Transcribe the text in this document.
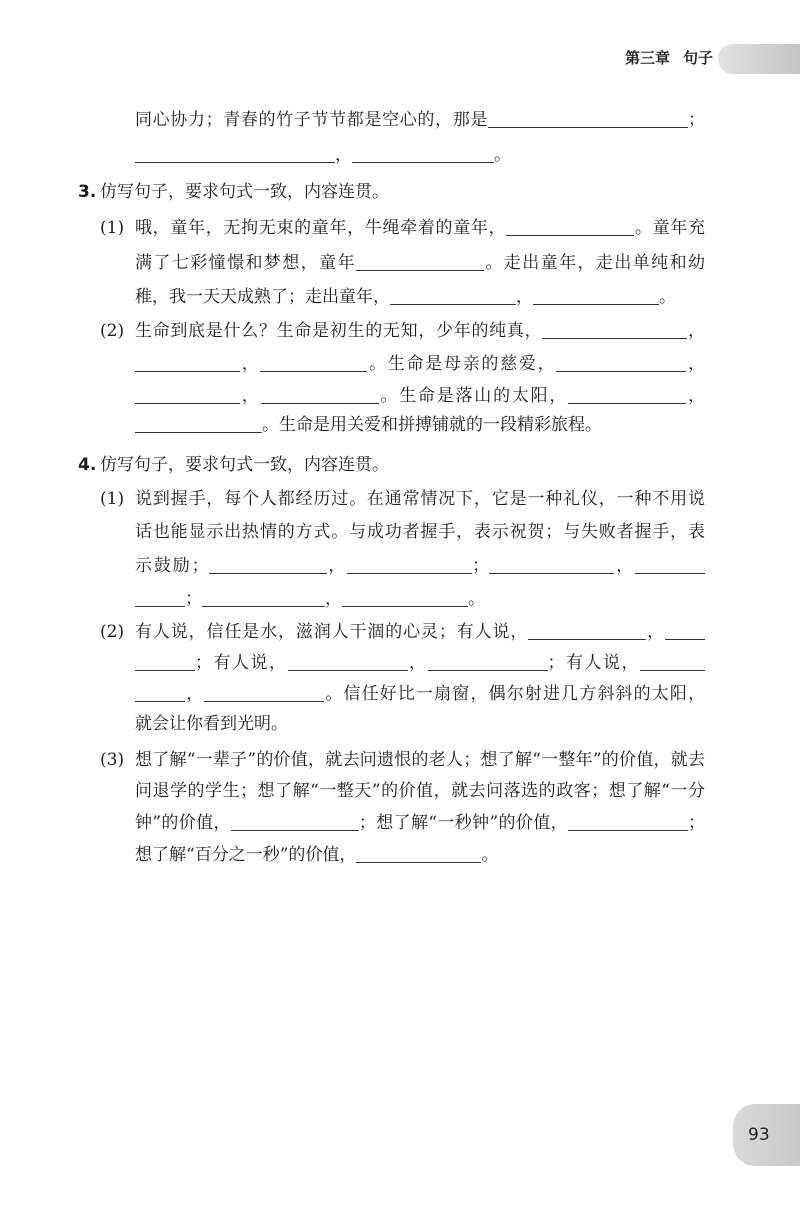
第三章 句子
同心协力；青春的竹子节节都是空心的，那是	；
，	。
3. 仿写句子，要求句式一致，内容连贯。
(1) 哦，童年，无拘无束的童年，牛绳牵着的童年，	。童年充
满了七彩憧憬和梦想，童年	。走出童年，走出单纯和幼
稚，我一天天成熟了；走出童年，	，	。
(2) 生命到底是什么？生命是初生的无知，少年的纯真，	，
，	。生命是母亲的慈爱，	，
，	。生命是落山的太阳，	，
。生命是用关爱和拼搏铺就的一段精彩旅程。
4. 仿写句子，要求句式一致，内容连贯。
(1) 说到握手，每个人都经历过。在通常情况下，它是一种礼仪，一种不用说
话也能显示出热情的方式。与成功者握手，表示祝贺；与失败者握手，表
示鼓励；	，	；	，
；	，	。
(2) 有人说，信任是水，滋润人干涸的心灵；有人说，	，
；有人说，	，	；有人说，
，	。信任好比一扇窗，偶尔射进几方斜斜的太阳，
就会让你看到光明。
(3) 想了解“一辈子”的价值，就去问遗恨的老人；想了解“一整年”的价值，就去
问退学的学生；想了解“一整天”的价值，就去问落选的政客；想了解“一分
钟”的价值，	；想了解“一秒钟”的价值，	；
想了解“百分之一秒”的价值，	。
93
